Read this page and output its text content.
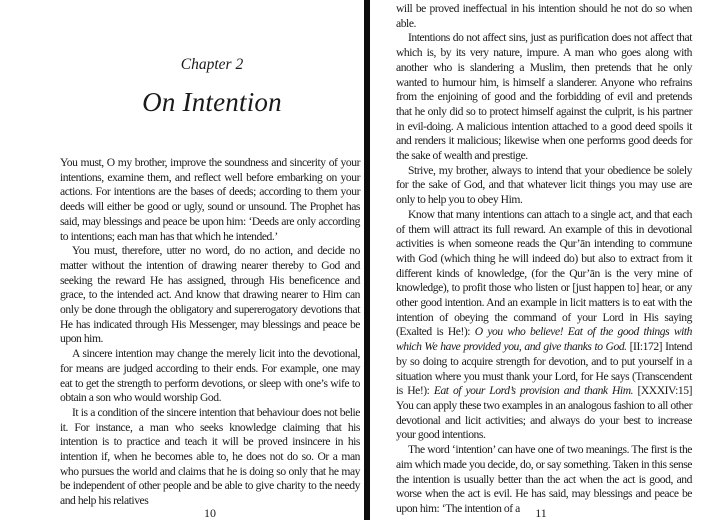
Chapter 2
On Intention

You must, O my brother, improve the soundness and sincerity of your intentions, examine them, and reflect well before embarking on your actions. For intentions are the bases of deeds; according to them your deeds will either be good or ugly, sound or unsound. The Prophet has said, may blessings and peace be upon him: ‘Deeds are only according to intentions; each man has that which he intended.’

You must, therefore, utter no word, do no action, and decide no matter without the intention of drawing nearer thereby to God and seeking the reward He has assigned, through His beneficence and grace, to the intended act. And know that drawing nearer to Him can only be done through the obligatory and supererogatory devotions that He has indicated through His Messenger, may blessings and peace be upon him.

A sincere intention may change the merely licit into the devotional, for means are judged according to their ends. For example, one may eat to get the strength to perform devotions, or sleep with one’s wife to obtain a son who would worship God.

It is a condition of the sincere intention that behaviour does not belie it. For instance, a man who seeks knowledge claiming that his intention is to practice and teach it will be proved insincere in his intention if, when he becomes able to, he does not do so. Or a man who pursues the world and claims that he is doing so only that he may be independent of other people and be able to give charity to the needy and help his relatives

10

will be proved ineffectual in his intention should he not do so when able.

Intentions do not affect sins, just as purification does not affect that which is, by its very nature, impure. A man who goes along with another who is slandering a Muslim, then pretends that he only wanted to humour him, is himself a slanderer. Anyone who refrains from the enjoining of good and the forbidding of evil and pretends that he only did so to protect himself against the culprit, is his partner in evil-doing. A malicious intention attached to a good deed spoils it and renders it malicious; likewise when one performs good deeds for the sake of wealth and prestige.

Strive, my brother, always to intend that your obedience be solely for the sake of God, and that whatever licit things you may use are only to help you to obey Him.

Know that many intentions can attach to a single act, and that each of them will attract its full reward. An example of this in devotional activities is when someone reads the Qur’ān intending to commune with God (which thing he will indeed do) but also to extract from it different kinds of knowledge, (for the Qur’ān is the very mine of knowledge), to profit those who listen or [just happen to] hear, or any other good intention. And an example in licit matters is to eat with the intention of obeying the command of your Lord in His saying (Exalted is He!): O you who believe! Eat of the good things with which We have provided you, and give thanks to God. [II:172] Intend by so doing to acquire strength for devotion, and to put yourself in a situation where you must thank your Lord, for He says (Transcendent is He!): Eat of your Lord’s provision and thank Him. [XXXIV:15] You can apply these two examples in an analogous fashion to all other devotional and licit activities; and always do your best to increase your good intentions.

The word ‘intention’ can have one of two meanings. The first is the aim which made you decide, do, or say something. Taken in this sense the intention is usually better than the act when the act is good, and worse when the act is evil. He has said, may blessings and peace be upon him: ‘The intention of a	11
